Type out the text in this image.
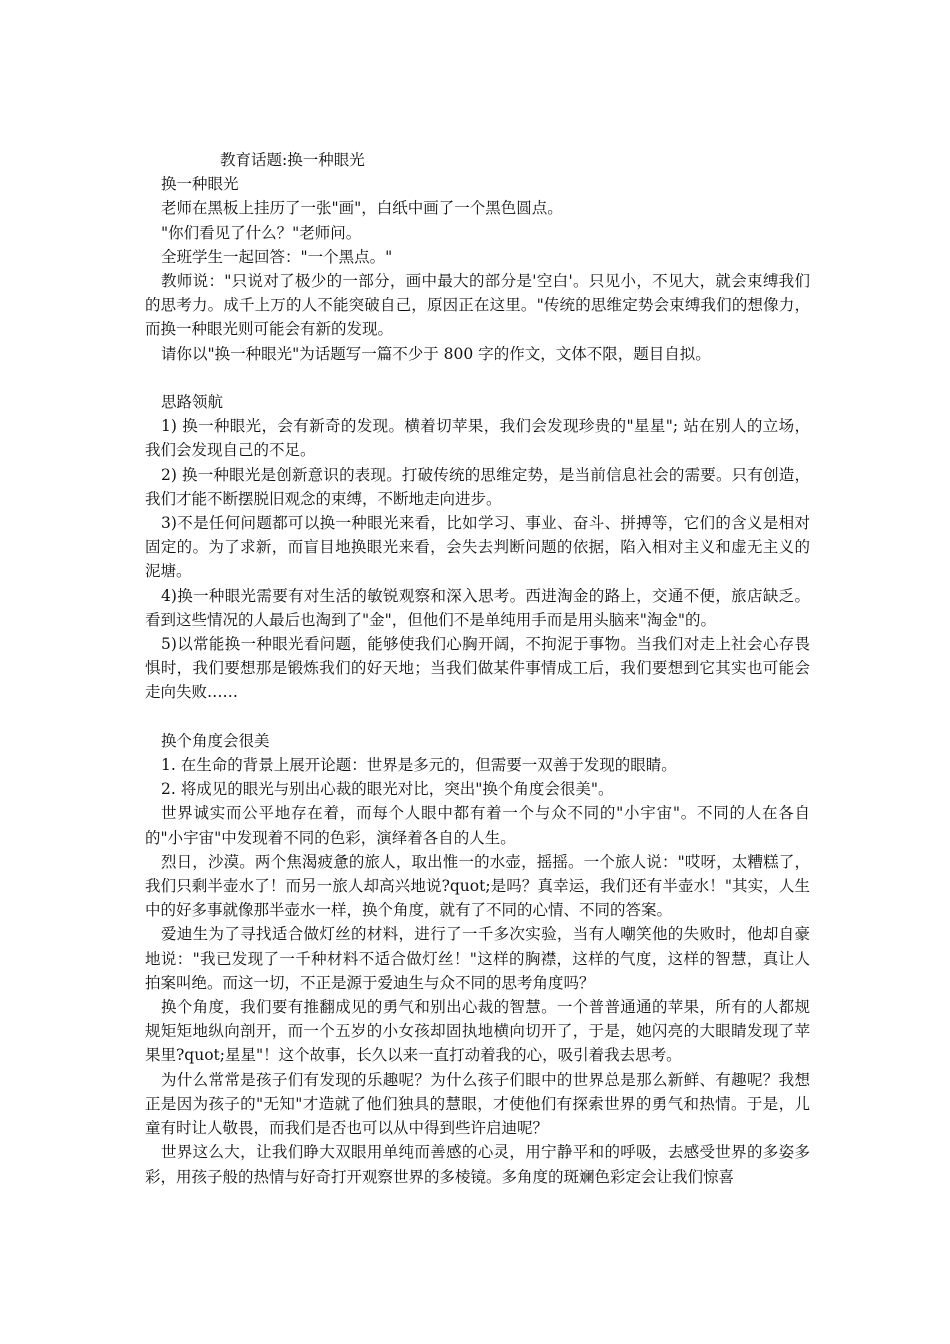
教育话题:换一种眼光

换一种眼光

老师在黑板上挂历了一张"画"，白纸中画了一个黑色圆点。

"你们看见了什么？"老师问。

全班学生一起回答："一个黑点。"

教师说："只说对了极少的一部分，画中最大的部分是'空白'。只见小，不见大，就会束缚我们的思考力。成千上万的人不能突破自己，原因正在这里。"传统的思维定势会束缚我们的想像力，而换一种眼光则可能会有新的发现。

请你以"换一种眼光"为话题写一篇不少于 800 字的作文，文体不限，题目自拟。

思路领航

1) 换一种眼光，会有新奇的发现。横着切苹果，我们会发现珍贵的"星星"; 站在别人的立场，我们会发现自己的不足。

2) 换一种眼光是创新意识的表现。打破传统的思维定势，是当前信息社会的需要。只有创造，我们才能不断摆脱旧观念的束缚，不断地走向进步。

3)不是任何问题都可以换一种眼光来看，比如学习、事业、奋斗、拼搏等，它们的含义是相对固定的。为了求新，而盲目地换眼光来看，会失去判断问题的依据，陷入相对主义和虚无主义的泥塘。

4)换一种眼光需要有对生活的敏锐观察和深入思考。西进淘金的路上，交通不便，旅店缺乏。看到这些情况的人最后也淘到了"金"，但他们不是单纯用手而是用头脑来"淘金"的。

5)以常能换一种眼光看问题，能够使我们心胸开阔，不拘泥于事物。当我们对走上社会心存畏惧时，我们要想那是锻炼我们的好天地；当我们做某件事情成工后，我们要想到它其实也可能会走向失败……

换个角度会很美

1. 在生命的背景上展开论题：世界是多元的，但需要一双善于发现的眼睛。

2. 将成见的眼光与别出心裁的眼光对比，突出"换个角度会很美"。

世界诚实而公平地存在着，而每个人眼中都有着一个与众不同的"小宇宙"。不同的人在各自的"小宇宙"中发现着不同的色彩，演绎着各自的人生。

烈日，沙漠。两个焦渴疲惫的旅人，取出惟一的水壶，摇摇。一个旅人说："哎呀，太糟糕了，我们只剩半壶水了！而另一旅人却高兴地说?quot;是吗？真幸运，我们还有半壶水！"其实，人生中的好多事就像那半壶水一样，换个角度，就有了不同的心情、不同的答案。

爱迪生为了寻找适合做灯丝的材料，进行了一千多次实验，当有人嘲笑他的失败时，他却自豪地说："我已发现了一千种材料不适合做灯丝！"这样的胸襟，这样的气度，这样的智慧，真让人拍案叫绝。而这一切，不正是源于爱迪生与众不同的思考角度吗？

换个角度，我们要有推翻成见的勇气和别出心裁的智慧。一个普普通通的苹果，所有的人都规规矩矩地纵向剖开，而一个五岁的小女孩却固执地横向切开了，于是，她闪亮的大眼睛发现了苹果里?quot;星星"！这个故事，长久以来一直打动着我的心，吸引着我去思考。

为什么常常是孩子们有发现的乐趣呢？为什么孩子们眼中的世界总是那么新鲜、有趣呢？我想正是因为孩子的"无知"才造就了他们独具的慧眼，才使他们有探索世界的勇气和热情。于是，儿童有时让人敬畏，而我们是否也可以从中得到些许启迪呢？

世界这么大，让我们睁大双眼用单纯而善感的心灵，用宁静平和的呼吸，去感受世界的多姿多彩，用孩子般的热情与好奇打开观察世界的多棱镜。多角度的斑斓色彩定会让我们惊喜
